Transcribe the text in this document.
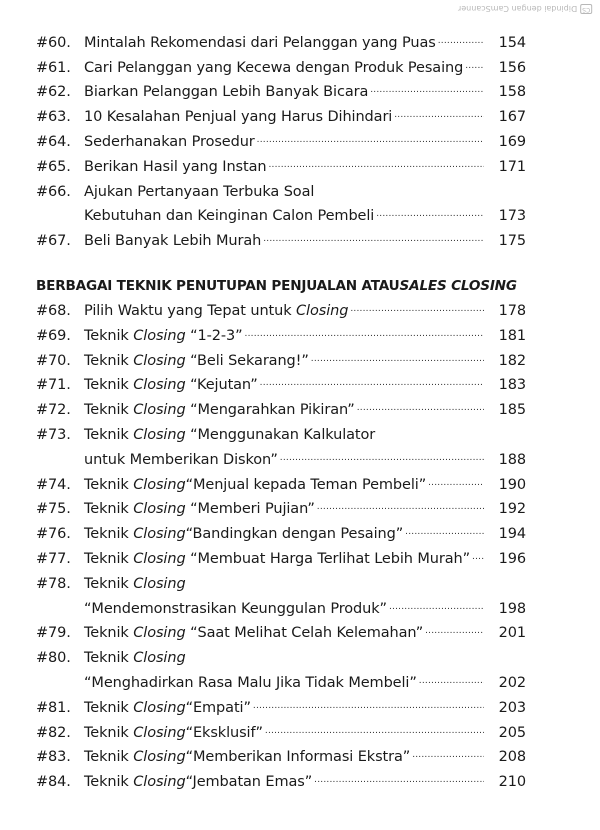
CS
Dipindai dengan CamScanner
#60. Mintalah Rekomendasi dari Pelanggan yang Puas .....	154
#61. Cari Pelanggan yang Kecewa dengan Produk Pesaing .....	156
#62. Biarkan Pelanggan Lebih Banyak Bicara .....	158
#63. 10 Kesalahan Penjual yang Harus Dihindari .....	167
#64. Sederhanakan Prosedur .....	169
#65. Berikan Hasil yang Instan .....	171
#66. Ajukan Pertanyaan Terbuka Soal
Kebutuhan dan Keinginan Calon Pembeli .....	173
#67. Beli Banyak Lebih Murah .....	175
BERBAGAI TEKNIK PENUTUPAN PENJUALAN ATAU SALES CLOSING
#68. Pilih Waktu yang Tepat untuk Closing .....	178
#69. Teknik Closing “1-2-3” .....	181
#70. Teknik Closing “Beli Sekarang!” .....	182
#71. Teknik Closing “Kejutan” .....	183
#72. Teknik Closing “Mengarahkan Pikiran” .....	185
#73. Teknik Closing “Menggunakan Kalkulator
untuk Memberikan Diskon” .....	188
#74. Teknik Closing“Menjual kepada Teman Pembeli” .....	190
#75. Teknik Closing “Memberi Pujian” .....	192
#76. Teknik Closing“Bandingkan dengan Pesaing” .....	194
#77. Teknik Closing “Membuat Harga Terlihat Lebih Murah” .....	196
#78. Teknik Closing
“Mendemonstrasikan Keunggulan Produk” .....	198
#79. Teknik Closing “Saat Melihat Celah Kelemahan” .....	201
#80. Teknik Closing
“Menghadirkan Rasa Malu Jika Tidak Membeli” .....	202
#81. Teknik Closing“Empati” .....	203
#82. Teknik Closing“Eksklusif” .....	205
#83. Teknik Closing“Memberikan Informasi Ekstra” .....	208
#84. Teknik Closing“Jembatan Emas” .....	210
